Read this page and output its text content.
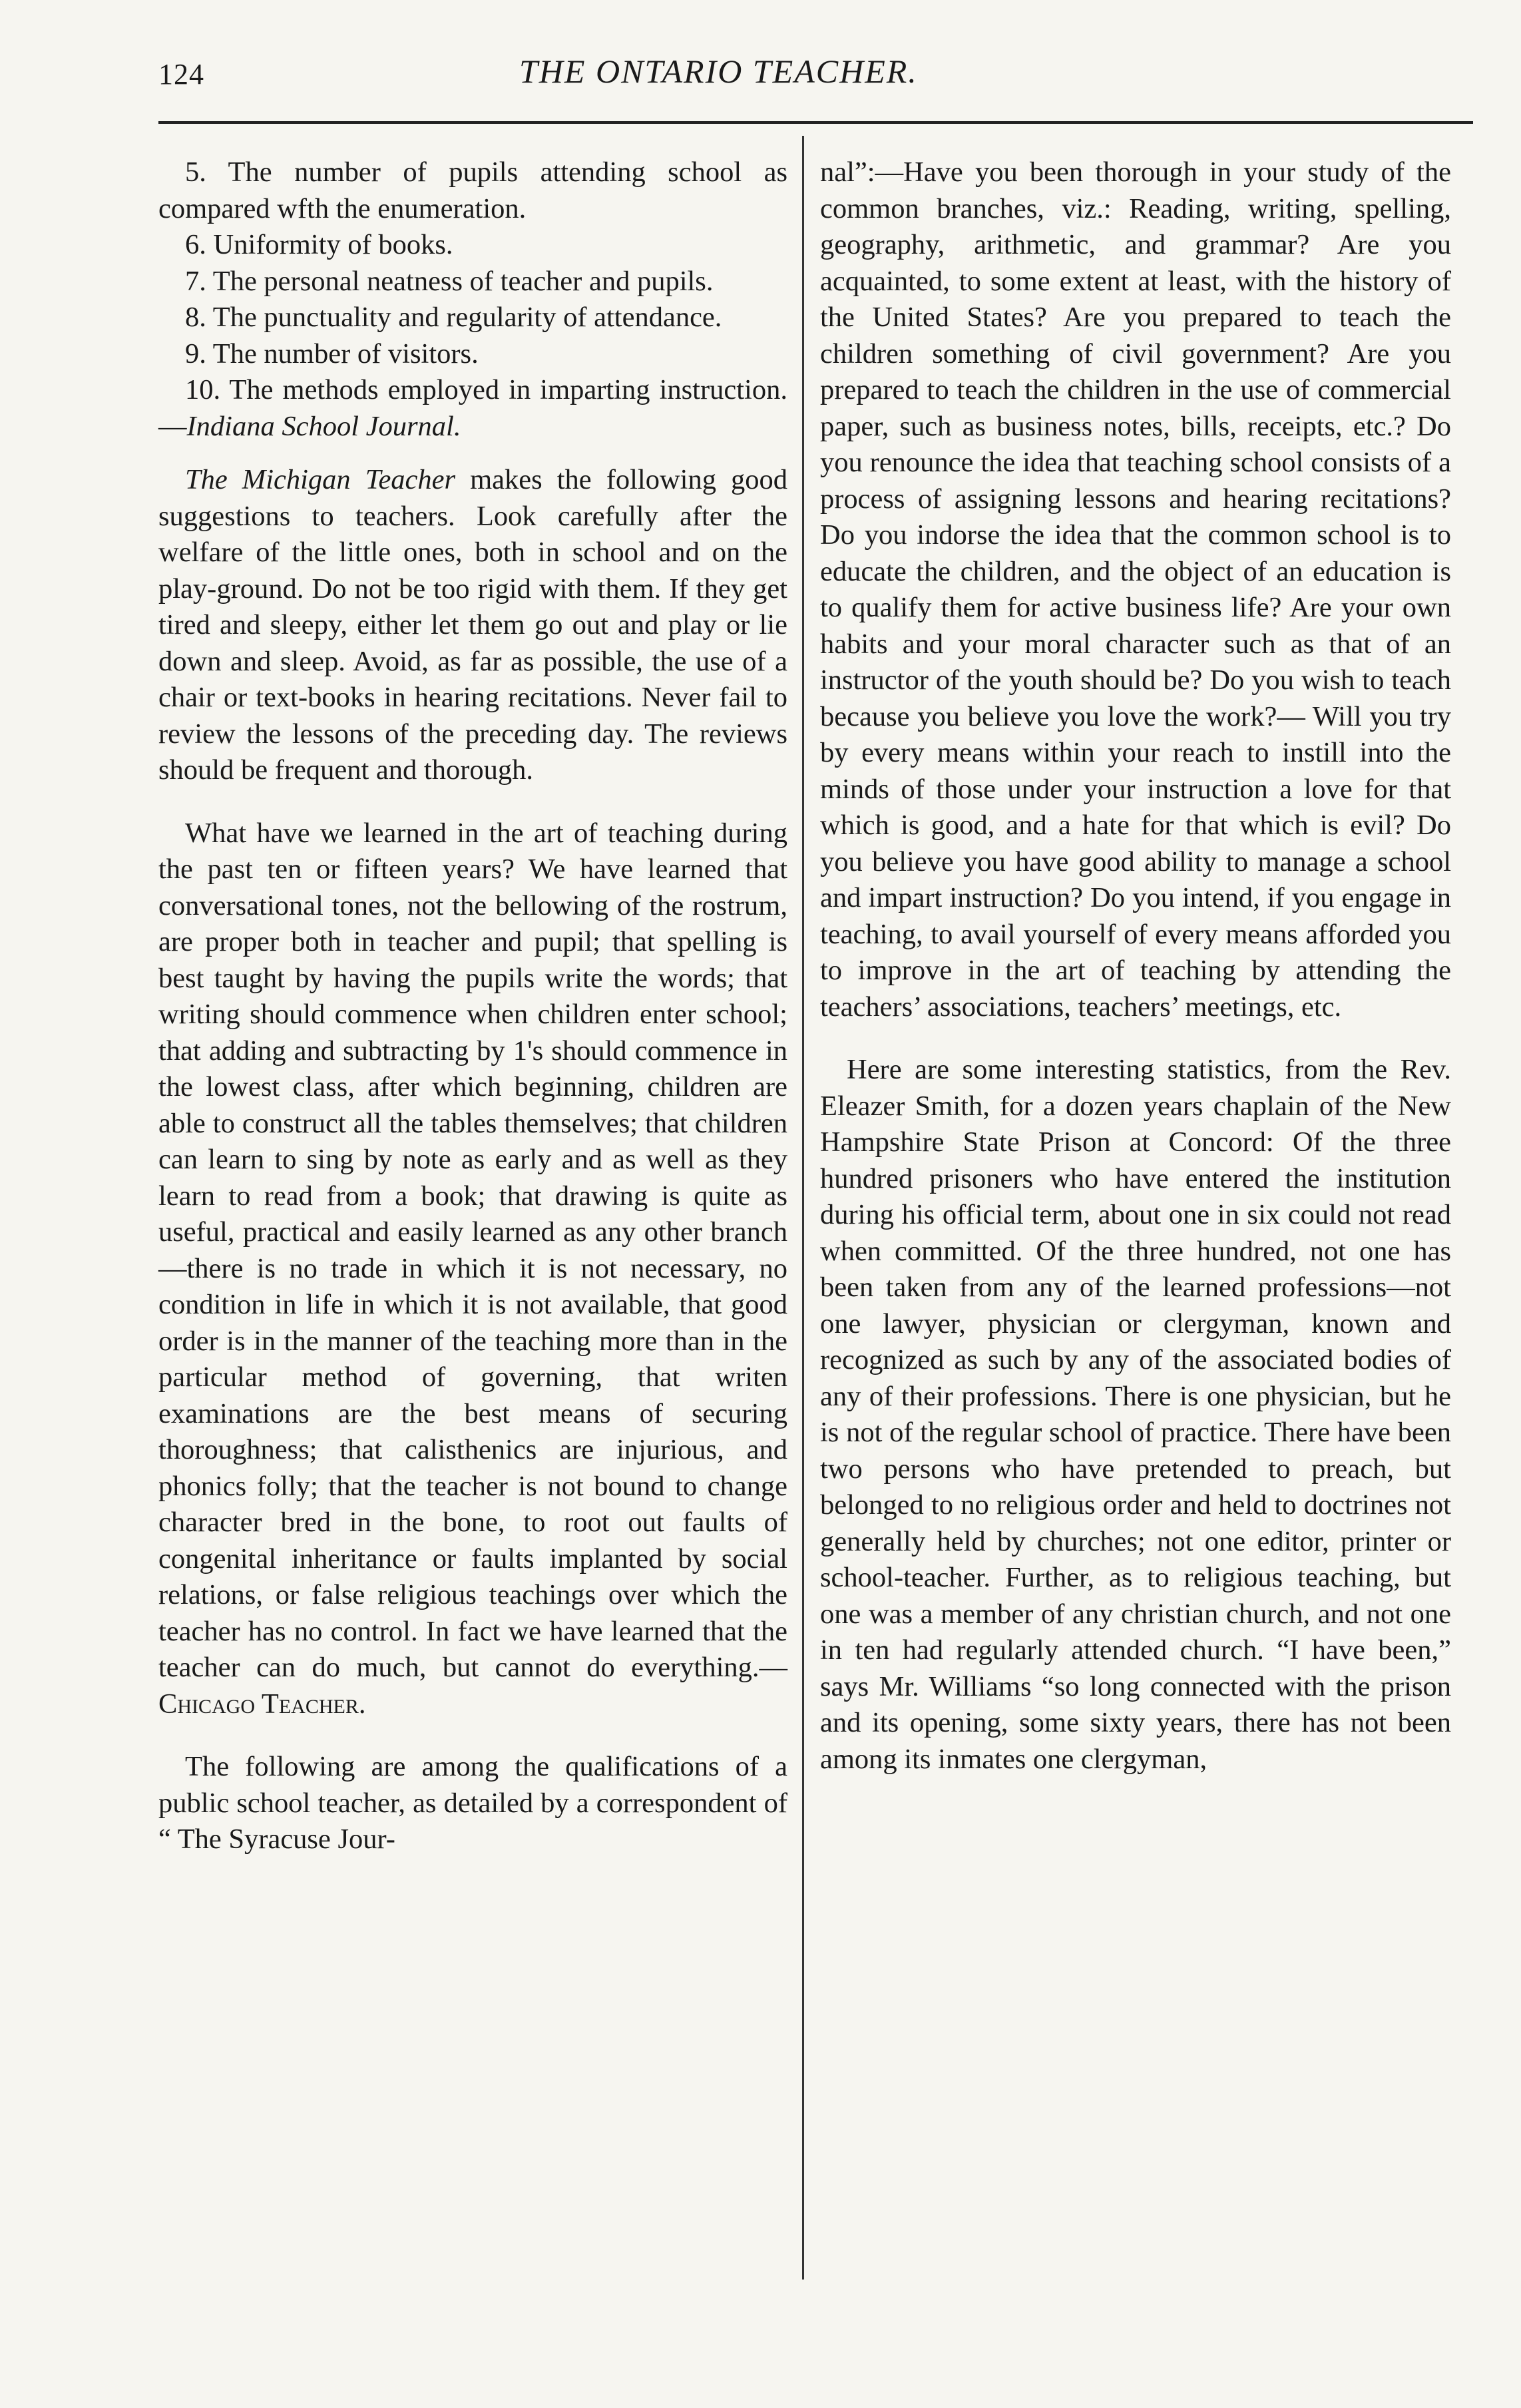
124	THE ONTARIO TEACHER.

5. The number of pupils attending school as compared wfth the enumeration.

6. Uniformity of books.

7. The personal neatness of teacher and pupils.

8. The punctuality and regularity of attendance.

9. The number of visitors.

10. The methods employed in imparting instruction.—Indiana School Journal.

The Michigan Teacher makes the following good suggestions to teachers. Look carefully after the welfare of the little ones, both in school and on the play-ground. Do not be too rigid with them. If they get tired and sleepy, either let them go out and play or lie down and sleep. Avoid, as far as possible, the use of a chair or text-books in hearing recitations. Never fail to review the lessons of the preceding day. The reviews should be frequent and thorough.

What have we learned in the art of teaching during the past ten or fifteen years? We have learned that conversational tones, not the bellowing of the rostrum, are proper both in teacher and pupil; that spelling is best taught by having the pupils write the words; that writing should commence when children enter school; that adding and subtracting by 1's should commence in the lowest class, after which beginning, children are able to construct all the tables themselves; that children can learn to sing by note as early and as well as they learn to read from a book; that drawing is quite as useful, practical and easily learned as any other branch—there is no trade in which it is not necessary, no condition in life in which it is not available, that good order is in the manner of the teaching more than in the particular method of governing, that writen examinations are the best means of securing thoroughness; that calisthenics are injurious, and phonics folly; that the teacher is not bound to change character bred in the bone, to root out faults of congenital inheritance or faults implanted by social relations, or false religious teachings over which the teacher has no control. In fact we have learned that the teacher can do much, but cannot do everything.—Chicago Teacher.

The following are among the qualifications of a public school teacher, as detailed by a correspondent of “ The Syracuse Jour-

nal”:—Have you been thorough in your study of the common branches, viz.: Reading, writing, spelling, geography, arithmetic, and grammar? Are you acquainted, to some extent at least, with the history of the United States? Are you prepared to teach the children something of civil government? Are you prepared to teach the children in the use of commercial paper, such as business notes, bills, receipts, etc.? Do you renounce the idea that teaching school consists of a process of assigning lessons and hearing recitations? Do you indorse the idea that the common school is to educate the children, and the object of an education is to qualify them for active business life? Are your own habits and your moral character such as that of an instructor of the youth should be? Do you wish to teach because you believe you love the work?— Will you try by every means within your reach to instill into the minds of those under your instruction a love for that which is good, and a hate for that which is evil? Do you believe you have good ability to manage a school and impart instruction? Do you intend, if you engage in teaching, to avail yourself of every means afforded you to improve in the art of teaching by attending the teachers’ associations, teachers’ meetings, etc.

Here are some interesting statistics, from the Rev. Eleazer Smith, for a dozen years chaplain of the New Hampshire State Prison at Concord: Of the three hundred prisoners who have entered the institution during his official term, about one in six could not read when committed. Of the three hundred, not one has been taken from any of the learned professions—not one lawyer, physician or clergyman, known and recognized as such by any of the associated bodies of any of their professions. There is one physician, but he is not of the regular school of practice. There have been two persons who have pretended to preach, but belonged to no religious order and held to doctrines not generally held by churches; not one editor, printer or school-teacher. Further, as to religious teaching, but one was a member of any christian church, and not one in ten had regularly attended church. “I have been,” says Mr. Williams “so long connected with the prison and its opening, some sixty years, there has not been among its inmates one clergyman,
